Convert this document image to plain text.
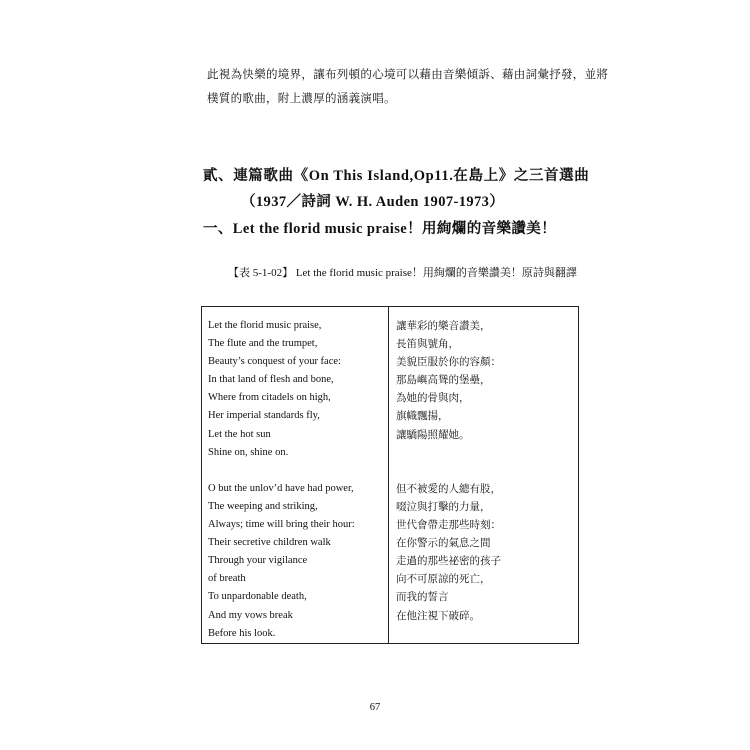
此視為快樂的境界，讓布列頓的心境可以藉由音樂傾訴、藉由詞彙抒發，並將
樸質的歌曲，附上濃厚的涵義演唱。
貳、連篇歌曲《On This Island,Op11.在島上》之三首選曲
（1937／詩詞 W. H. Auden 1907-1973）
一、Let the florid music praise！用絢爛的音樂讚美！
【表 5-1-02】 Let the florid music praise！用絢爛的音樂讚美！原詩與翻譯
Let the florid music praise,
The flute and the trumpet,
Beauty’s conquest of your face:
In that land of flesh and bone,
Where from citadels on high,
Her imperial standards fly,
Let the hot sun
Shine on, shine on.
O but the unlov’d have had power,
The weeping and striking,
Always; time will bring their hour:
Their secretive children walk
Through your vigilance
of breath
To unpardonable death,
And my vows break
Before his look.
讓華彩的樂音讚美，
長笛與號角，
美貌臣服於你的容顏：
那島嶼高聳的堡壘，
為她的骨與肉，
旗幟飄揚，
讓驕陽照耀她。
但不被愛的人總有股，
啜泣與打擊的力量，
世代會帶走那些時刻：
在你警示的氣息之間
走過的那些祕密的孩子
向不可原諒的死亡，
而我的誓言
在他注視下破碎。
67
